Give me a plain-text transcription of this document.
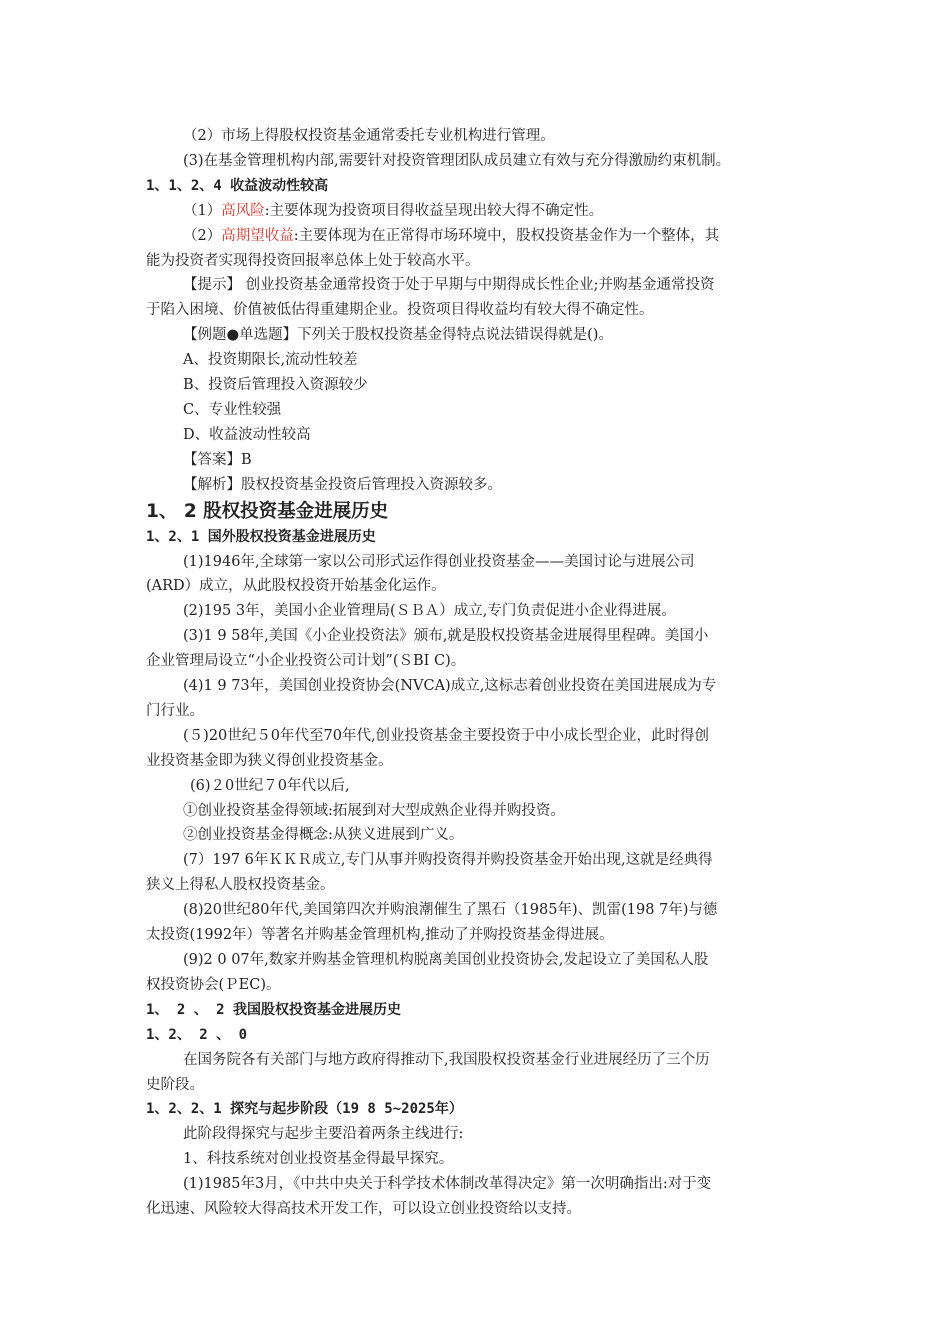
（2）市场上得股权投资基金通常委托专业机构进行管理。
(3)在基金管理机构内部,需要针对投资管理团队成员建立有效与充分得激励约束机制。
1、1、2、4 收益波动性较高
（1）高风险:主要体现为投资项目得收益呈现出较大得不确定性。
（2）高期望收益:主要体现为在正常得市场环境中，股权投资基金作为一个整体，其
能为投资者实现得投资回报率总体上处于较高水平。
【提示】 创业投资基金通常投资于处于早期与中期得成长性企业;并购基金通常投资
于陷入困境、价值被低估得重建期企业。投资项目得收益均有较大得不确定性。
【例题●单选题】下列关于股权投资基金得特点说法错误得就是()。
A、投资期限长,流动性较差
B、投资后管理投入资源较少
C、专业性较强
D、收益波动性较高
【答案】B
【解析】股权投资基金投资后管理投入资源较多。
1、 2 股权投资基金进展历史
1、2、1 国外股权投资基金进展历史
(1)1946年,全球第一家以公司形式运作得创业投资基金——美国讨论与进展公司
(ARD）成立，从此股权投资开始基金化运作。
(2)195 3年，美国小企业管理局(ＳＢＡ）成立,专门负责促进小企业得进展。
(3)1 9 58年,美国《小企业投资法》颁布,就是股权投资基金进展得里程碑。美国小
企业管理局设立“小企业投资公司计划”(ＳBI C)。
(4)1 9 73年，美国创业投资协会(NVCA)成立,这标志着创业投资在美国进展成为专
门行业。
(５)20世纪５0年代至70年代,创业投资基金主要投资于中小成长型企业，此时得创
业投资基金即为狭义得创业投资基金。
(6)２0世纪７0年代以后,
①创业投资基金得领域:拓展到对大型成熟企业得并购投资。
②创业投资基金得概念:从狭义进展到广义。
(7）197 6年ＫＫＲ成立,专门从事并购投资得并购投资基金开始出现,这就是经典得
狭义上得私人股权投资基金。
(8)20世纪80年代,美国第四次并购浪潮催生了黑石（1985年)、凯雷(198 7年)与德
太投资(1992年）等著名并购基金管理机构,推动了并购投资基金得进展。
(9)2 0 07年,数家并购基金管理机构脱离美国创业投资协会,发起设立了美国私人股
权投资协会(ＰEC)。
1、 2 、 2 我国股权投资基金进展历史
1、2、 2 、 0
在国务院各有关部门与地方政府得推动下,我国股权投资基金行业进展经历了三个历
史阶段。
1、2、2、1 探究与起步阶段（19 8 5~2025年）
此阶段得探究与起步主要沿着两条主线进行:
1、科技系统对创业投资基金得最早探究。
(1)1985年3月，《中共中央关于科学技术体制改革得决定》第一次明确指出:对于变
化迅速、风险较大得高技术开发工作，可以设立创业投资给以支持。
